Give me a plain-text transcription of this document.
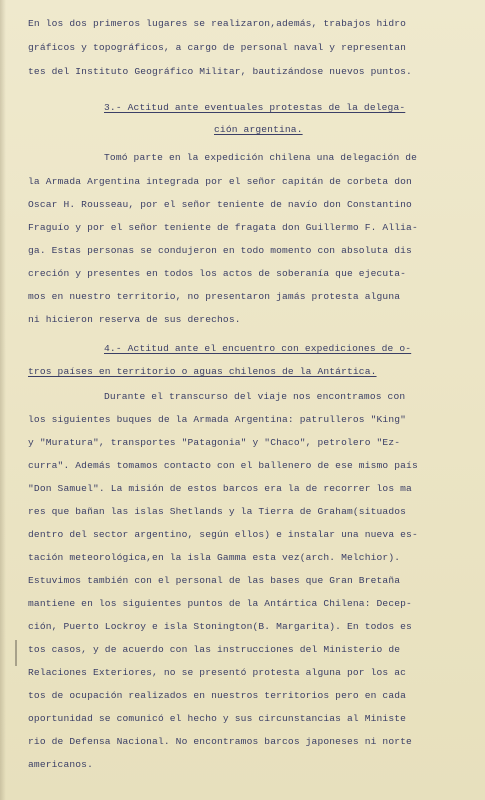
En los dos primeros lugares se realizaron,además, trabajos hidro
gráficos y topográficos, a cargo de personal naval y representan
tes del Instituto Geográfico Militar, bautizándose nuevos puntos.
3.- Actitud ante eventuales protestas de la delega-
ción argentina.
Tomó parte en la expedición chilena una delegación de
la Armada Argentina integrada por el señor capitán de corbeta don
Oscar H. Rousseau, por el señor teniente de navío don Constantino
Fraguío y por el señor teniente de fragata don Guillermo F. Allia-
ga. Estas personas se condujeron en todo momento con absoluta dis
creción y presentes en todos los actos de soberanía que ejecuta-
mos en nuestro territorio, no presentaron jamás protesta alguna
ni hicieron reserva de sus derechos.
4.- Actitud ante el encuentro con expediciones de o-
tros países en territorio o aguas chilenos de la Antártica.
Durante el transcurso del viaje nos encontramos con
los siguientes buques de la Armada Argentina: patrulleros "King"
y "Muratura", transportes "Patagonia" y "Chaco", petrolero "Ez-
curra". Además tomamos contacto con el ballenero de ese mismo país
"Don Samuel". La misión de estos barcos era la de recorrer los ma
res que bañan las islas Shetlands y la Tierra de Graham(situados
dentro del sector argentino, según ellos) e instalar una nueva es-
tación meteorológica,en la isla Gamma esta vez(arch. Melchior).
Estuvimos también con el personal de las bases que Gran Bretaña
mantiene en los siguientes puntos de la Antártica Chilena: Decep-
ción, Puerto Lockroy e isla Stonington(B. Margarita). En todos es
tos casos, y de acuerdo con las instrucciones del Ministerio de
Relaciones Exteriores, no se presentó protesta alguna por los ac
tos de ocupación realizados en nuestros territorios pero en cada
oportunidad se comunicó el hecho y sus circunstancias al Ministe
rio de Defensa Nacional. No encontramos barcos japoneses ni norte
americanos.
